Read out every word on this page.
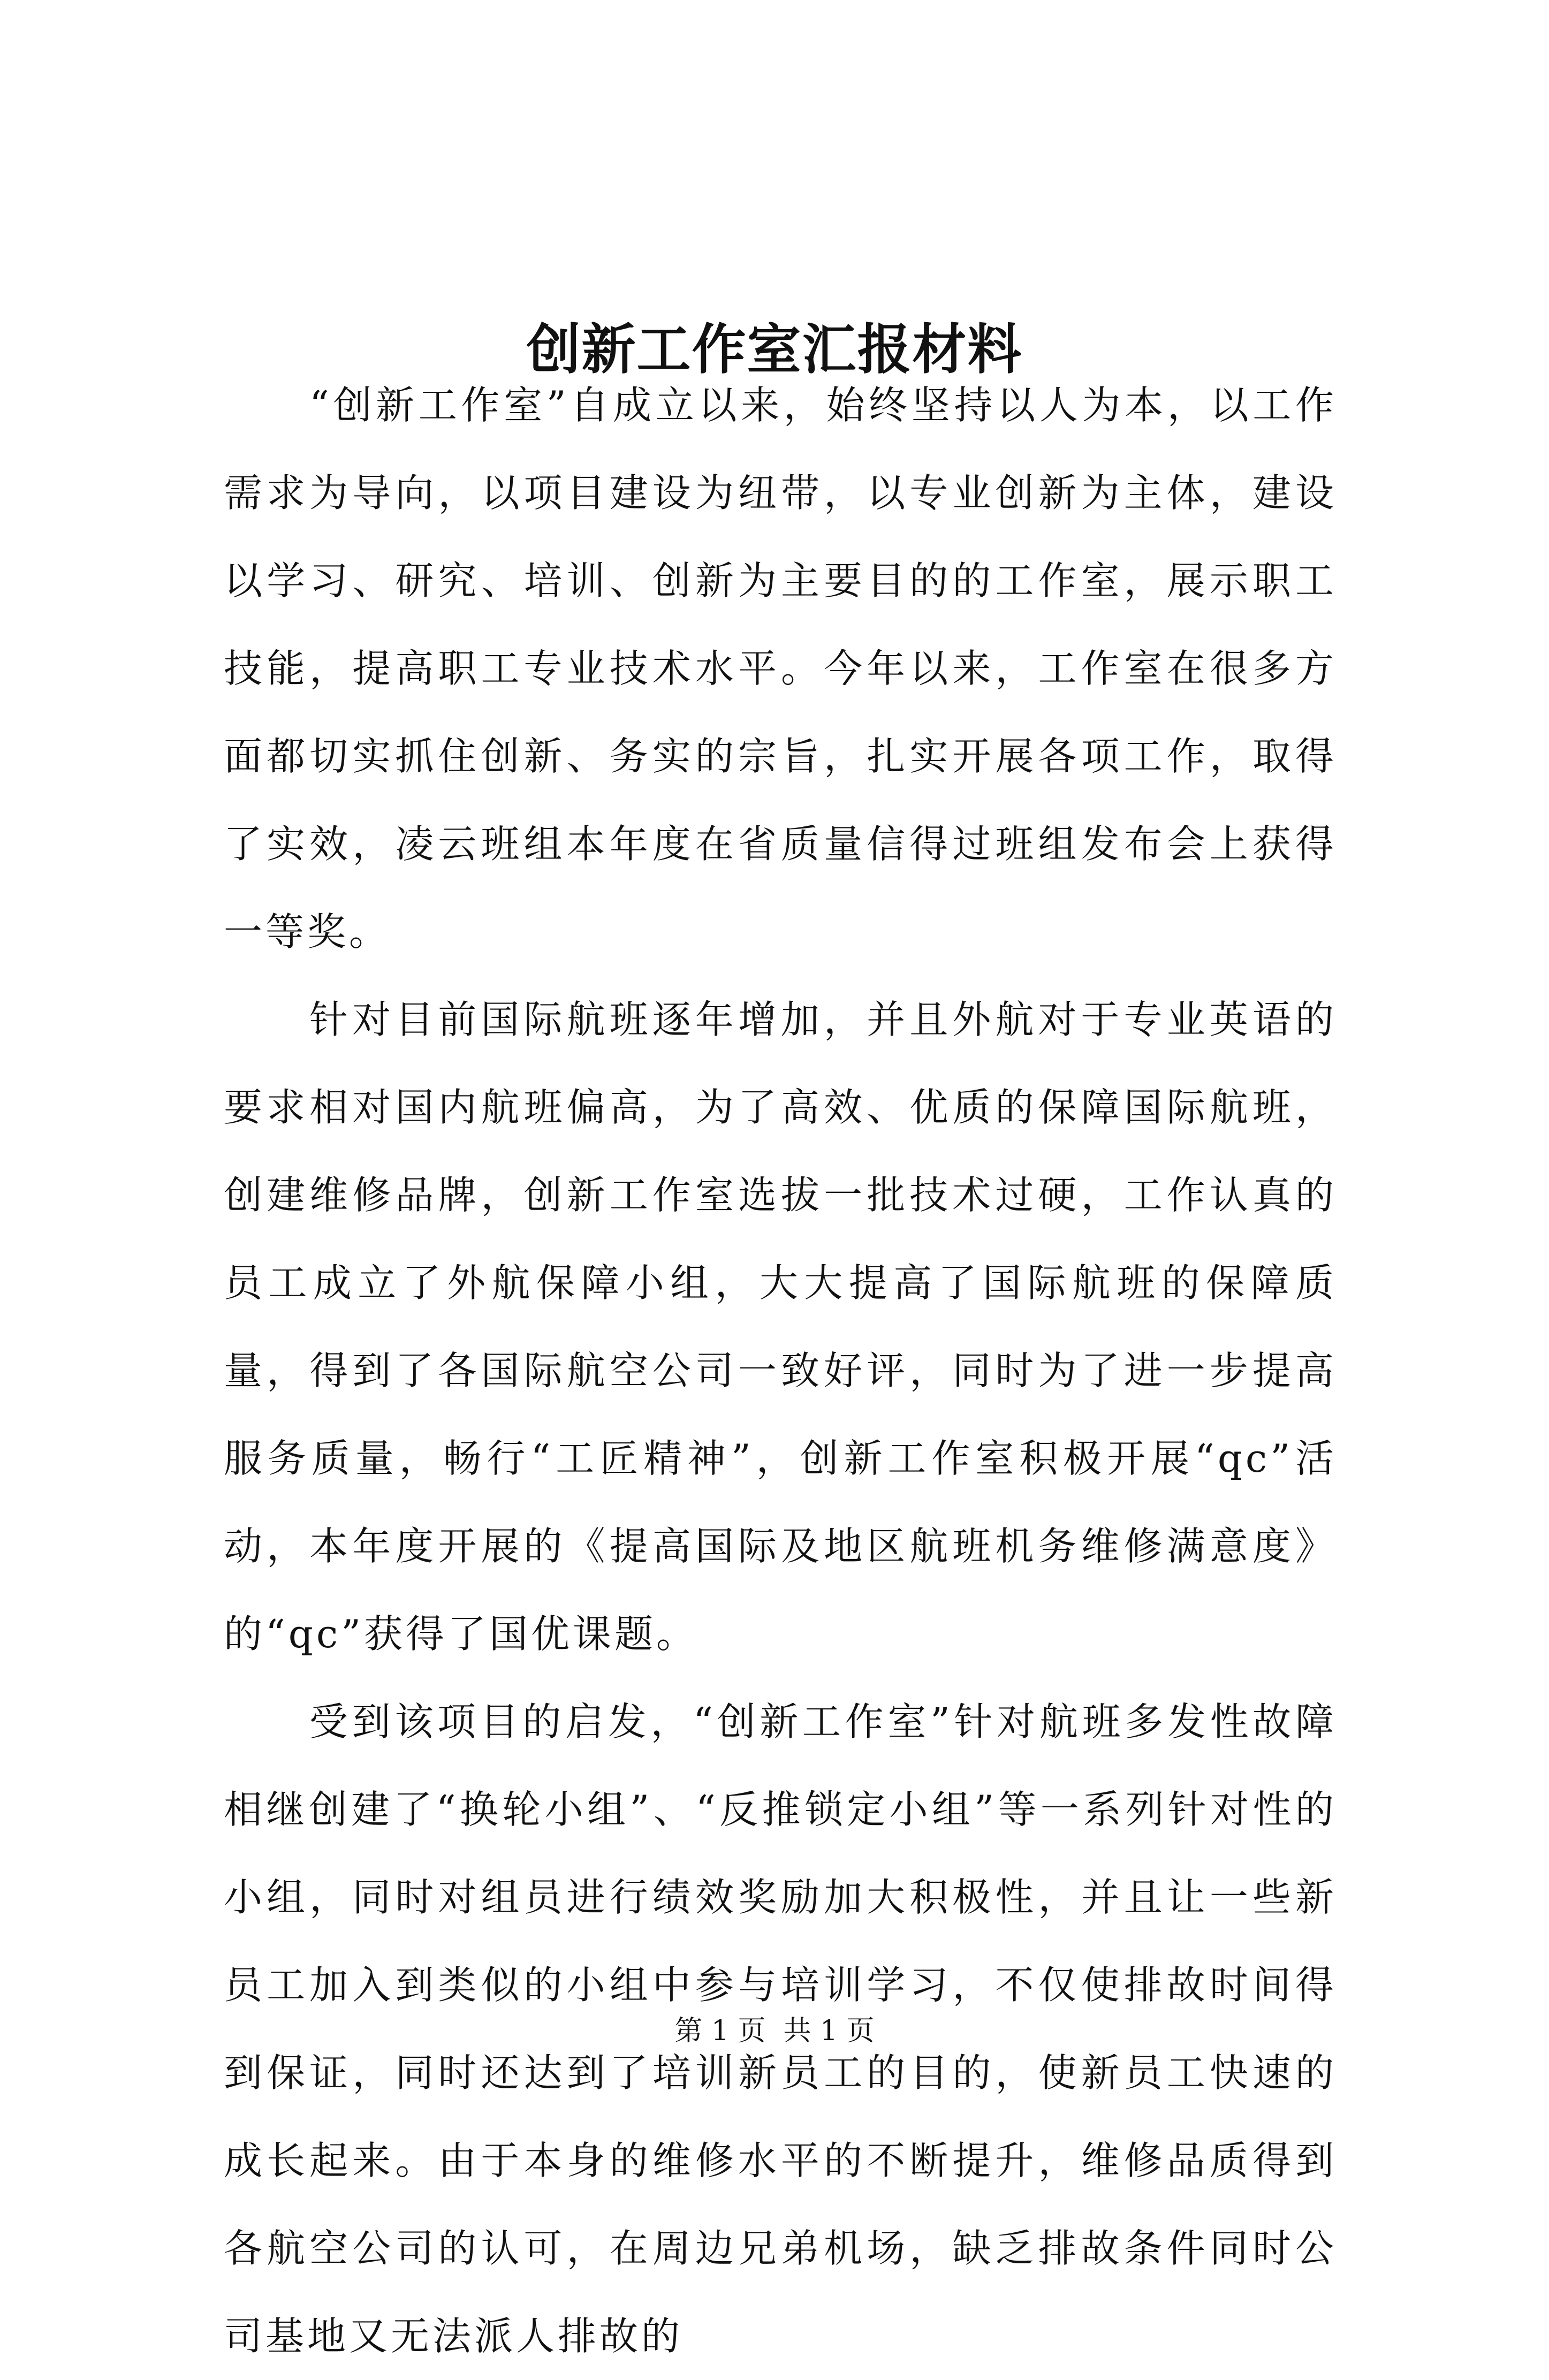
创新工作室汇报材料

“创新工作室”自成立以来，始终坚持以人为本，以工作需求为导向，以项目建设为纽带，以专业创新为主体，建设以学习、研究、培训、创新为主要目的的工作室，展示职工技能，提高职工专业技术水平。今年以来，工作室在很多方面都切实抓住创新、务实的宗旨，扎实开展各项工作，取得了实效，凌云班组本年度在省质量信得过班组发布会上获得一等奖。

针对目前国际航班逐年增加，并且外航对于专业英语的要求相对国内航班偏高，为了高效、优质的保障国际航班，创建维修品牌，创新工作室选拔一批技术过硬，工作认真的员工成立了外航保障小组，大大提高了国际航班的保障质量，得到了各国际航空公司一致好评，同时为了进一步提高服务质量，畅行“工匠精神”，创新工作室积极开展“qc”活动，本年度开展的《提高国际及地区航班机务维修满意度》的“qc”获得了国优课题。

受到该项目的启发，“创新工作室”针对航班多发性故障相继创建了“换轮小组”、“反推锁定小组”等一系列针对性的小组，同时对组员进行绩效奖励加大积极性，并且让一些新员工加入到类似的小组中参与培训学习，不仅使排故时间得到保证，同时还达到了培训新员工的目的，使新员工快速的成长起来。由于本身的维修水平的不断提升，维修品质得到各航空公司的认可，在周边兄弟机场，缺乏排故条件同时公司基地又无法派人排故的

第 1 页  共 1 页
